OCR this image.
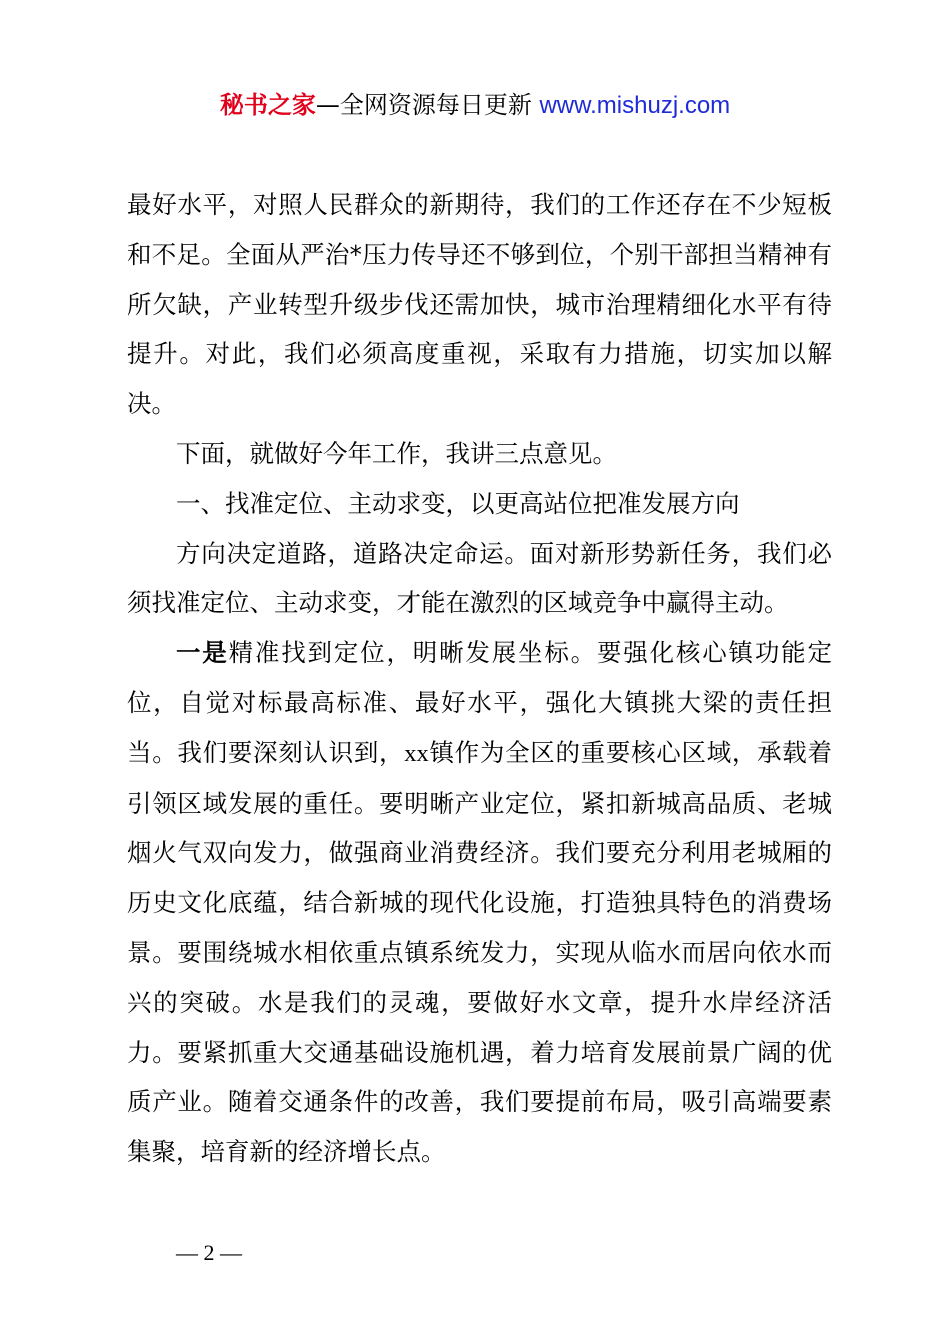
秘书之家—全网资源每日更新 www.mishuzj.com

最好水平，对照人民群众的新期待，我们的工作还存在不少短板和不足。全面从严治*压力传导还不够到位，个别干部担当精神有所欠缺，产业转型升级步伐还需加快，城市治理精细化水平有待提升。对此，我们必须高度重视，采取有力措施，切实加以解决。

下面，就做好今年工作，我讲三点意见。

一、找准定位、主动求变，以更高站位把准发展方向

方向决定道路，道路决定命运。面对新形势新任务，我们必须找准定位、主动求变，才能在激烈的区域竞争中赢得主动。

一是精准找到定位，明晰发展坐标。要强化核心镇功能定位，自觉对标最高标准、最好水平，强化大镇挑大梁的责任担当。我们要深刻认识到，xx镇作为全区的重要核心区域，承载着引领区域发展的重任。要明晰产业定位，紧扣新城高品质、老城烟火气双向发力，做强商业消费经济。我们要充分利用老城厢的历史文化底蕴，结合新城的现代化设施，打造独具特色的消费场景。要围绕城水相依重点镇系统发力，实现从临水而居向依水而兴的突破。水是我们的灵魂，要做好水文章，提升水岸经济活力。要紧抓重大交通基础设施机遇，着力培育发展前景广阔的优质产业。随着交通条件的改善，我们要提前布局，吸引高端要素集聚，培育新的经济增长点。

— 2 —
